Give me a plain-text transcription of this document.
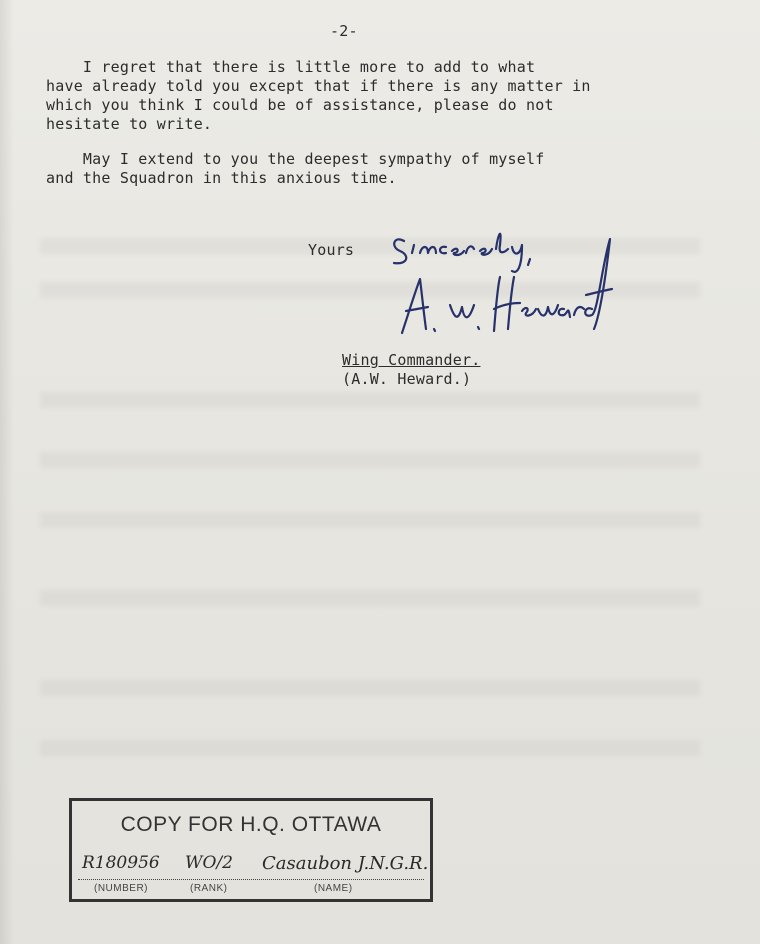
-2-
I regret that there is little more to add to what
have already told you except that if there is any matter in
which you think I could be of assistance, please do not
hesitate to write.
May I extend to you the deepest sympathy of myself
and the Squadron in this anxious time.
Yours
Wing Commander.
(A.W. Heward.)
COPY FOR H.Q. OTTAWA
R180956 WO/2 Casaubon J.N.G.R.
(NUMBER)	(RANK)	(NAME)
